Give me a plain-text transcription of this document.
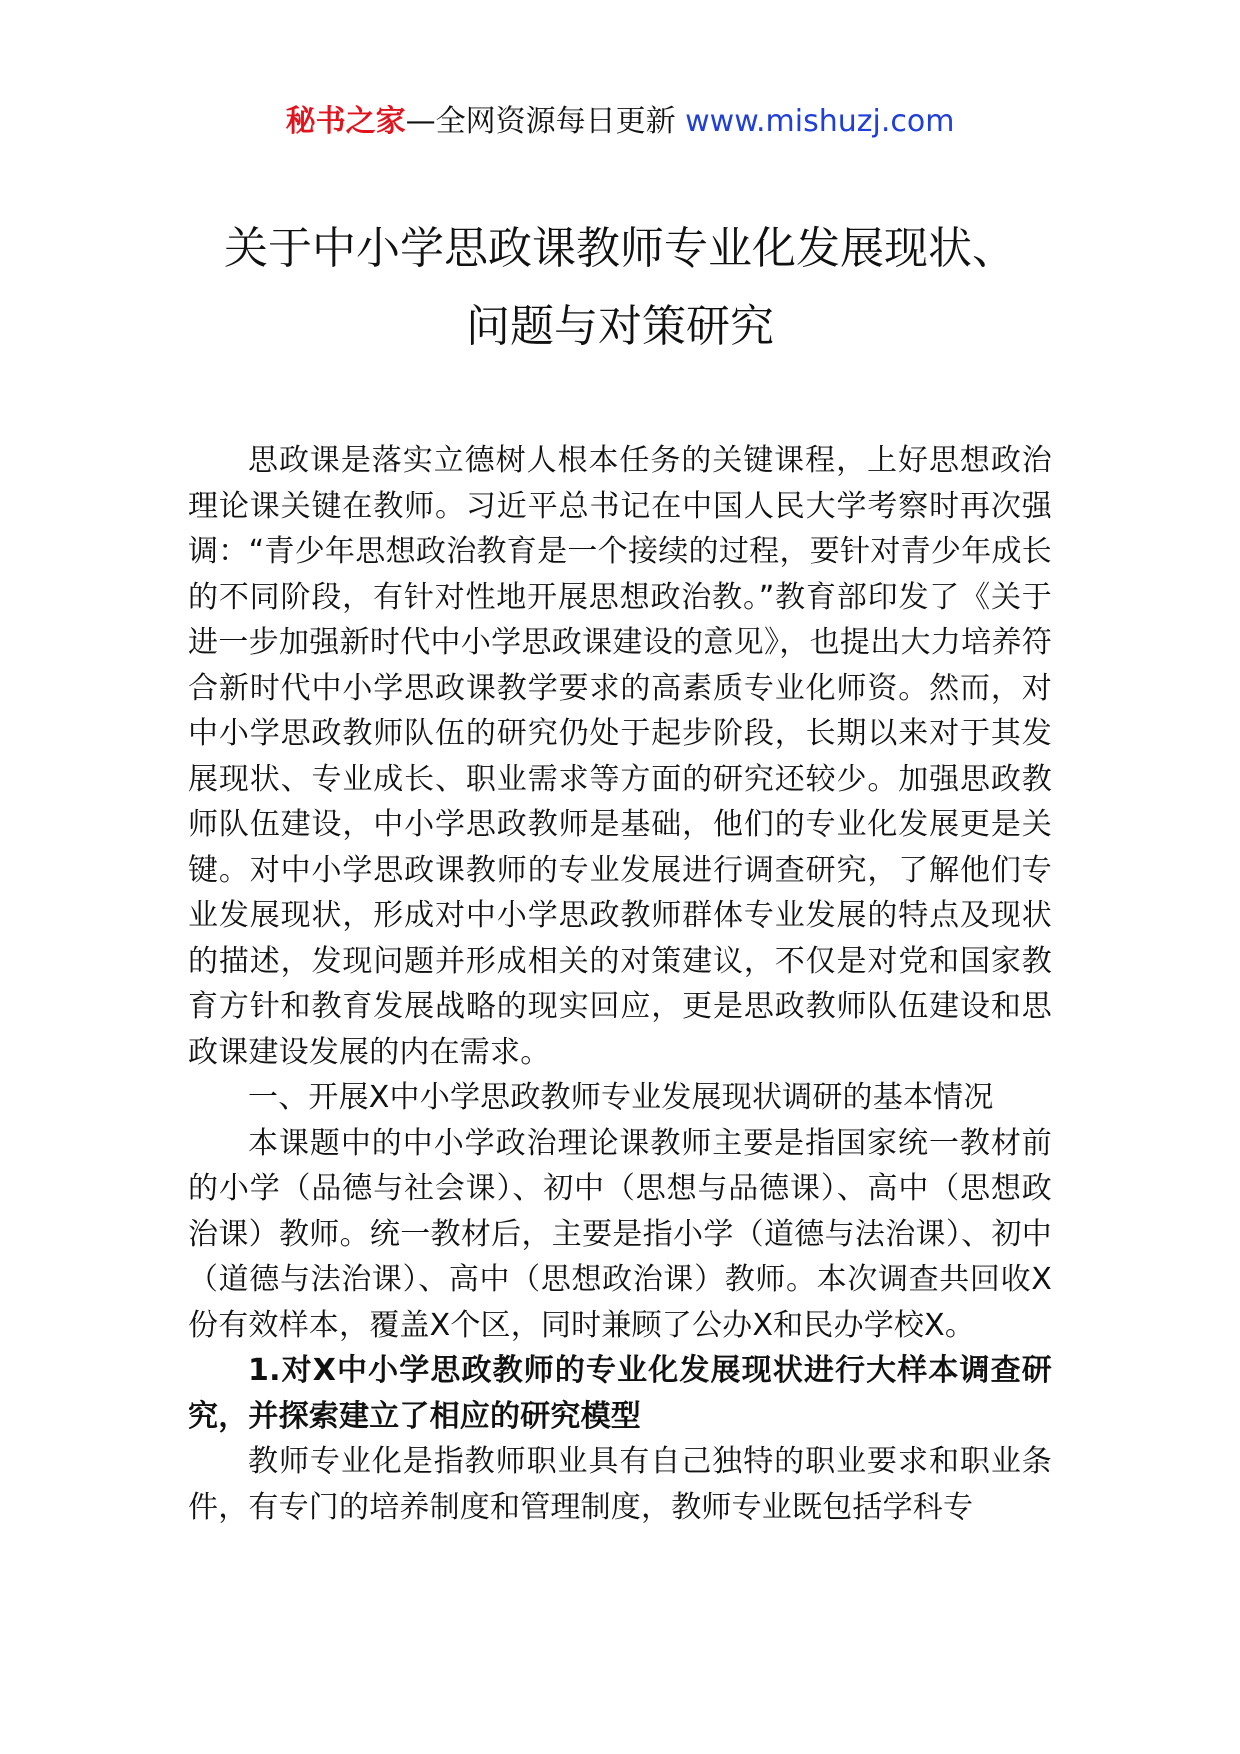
秘书之家—全网资源每日更新 www.mishuzj.com
关于中小学思政课教师专业化发展现状、
问题与对策研究

思政课是落实立德树人根本任务的关键课程，上好思想政治理论课关键在教师。习近平总书记在中国人民大学考察时再次强调：“青少年思想政治教育是一个接续的过程，要针对青少年成长的不同阶段，有针对性地开展思想政治教。”教育部印发了《关于进一步加强新时代中小学思政课建设的意见》，也提出大力培养符合新时代中小学思政课教学要求的高素质专业化师资。然而，对中小学思政教师队伍的研究仍处于起步阶段，长期以来对于其发展现状、专业成长、职业需求等方面的研究还较少。加强思政教师队伍建设，中小学思政教师是基础，他们的专业化发展更是关键。对中小学思政课教师的专业发展进行调查研究，了解他们专业发展现状，形成对中小学思政教师群体专业发展的特点及现状的描述，发现问题并形成相关的对策建议，不仅是对党和国家教育方针和教育发展战略的现实回应，更是思政教师队伍建设和思政课建设发展的内在需求。

一、开展X中小学思政教师专业发展现状调研的基本情况

本课题中的中小学政治理论课教师主要是指国家统一教材前的小学（品德与社会课）、初中（思想与品德课）、高中（思想政治课）教师。统一教材后，主要是指小学（道德与法治课）、初中（道德与法治课）、高中（思想政治课）教师。本次调查共回收X份有效样本，覆盖X个区，同时兼顾了公办X和民办学校X。

1.对X中小学思政教师的专业化发展现状进行大样本调查研究，并探索建立了相应的研究模型

教师专业化是指教师职业具有自己独特的职业要求和职业条件，有专门的培养制度和管理制度，教师专业既包括学科专
